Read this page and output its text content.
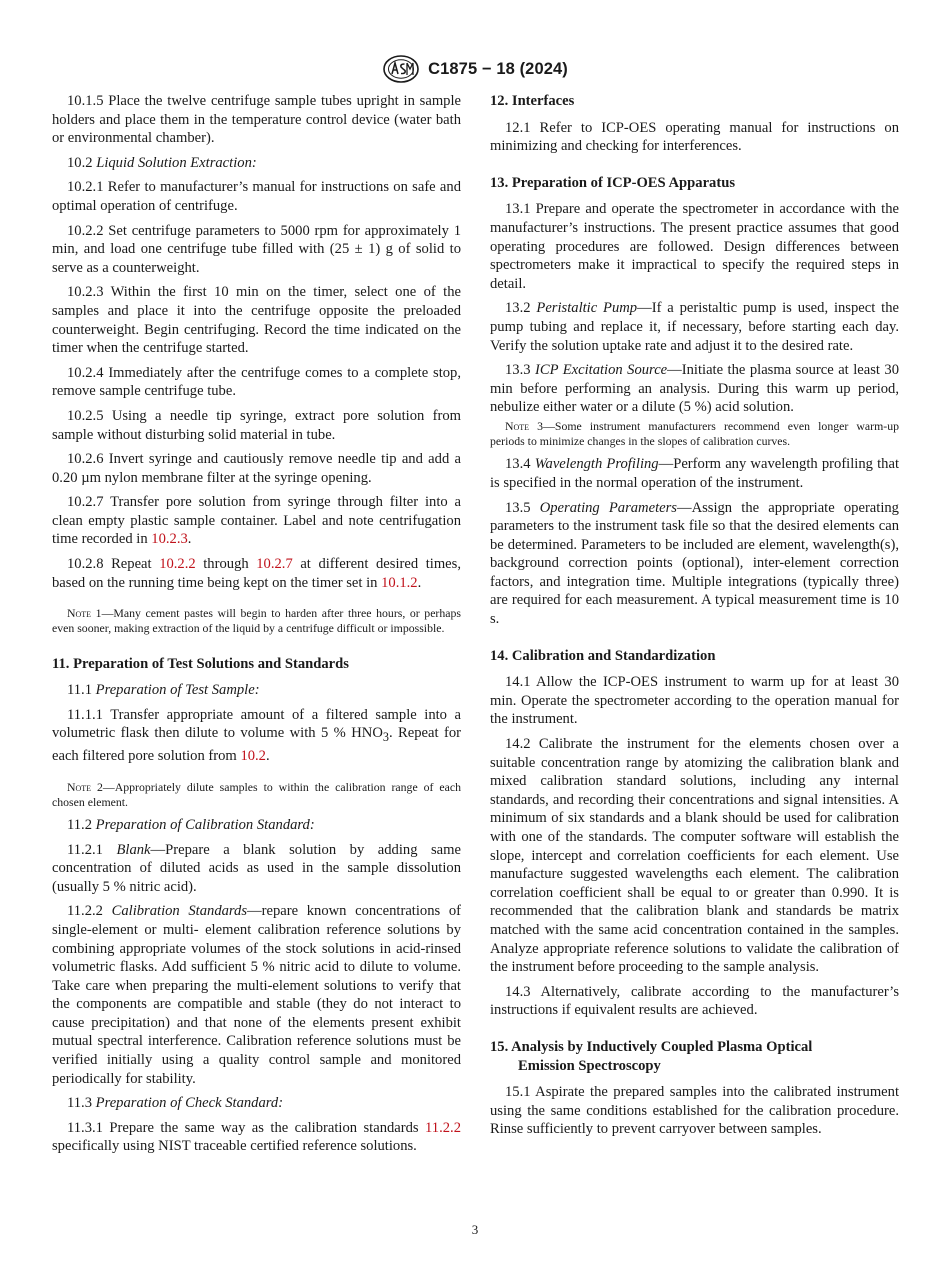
C1875 − 18 (2024)

10.1.5 Place the twelve centrifuge sample tubes upright in sample holders and place them in the temperature control device (water bath or environmental chamber).

10.2 Liquid Solution Extraction:

10.2.1 Refer to manufacturer’s manual for instructions on safe and optimal operation of centrifuge.

10.2.2 Set centrifuge parameters to 5000 rpm for approximately 1 min, and load one centrifuge tube filled with (25 ± 1) g of solid to serve as a counterweight.

10.2.3 Within the first 10 min on the timer, select one of the samples and place it into the centrifuge opposite the preloaded counterweight. Begin centrifuging. Record the time indicated on the timer when the centrifuge started.

10.2.4 Immediately after the centrifuge comes to a complete stop, remove sample centrifuge tube.

10.2.5 Using a needle tip syringe, extract pore solution from sample without disturbing solid material in tube.

10.2.6 Invert syringe and cautiously remove needle tip and add a 0.20 µm nylon membrane filter at the syringe opening.

10.2.7 Transfer pore solution from syringe through filter into a clean empty plastic sample container. Label and note centrifugation time recorded in 10.2.3.

10.2.8 Repeat 10.2.2 through 10.2.7 at different desired times, based on the running time being kept on the timer set in 10.1.2.

Note 1—Many cement pastes will begin to harden after three hours, or perhaps even sooner, making extraction of the liquid by a centrifuge difficult or impossible.

11. Preparation of Test Solutions and Standards

11.1 Preparation of Test Sample:

11.1.1 Transfer appropriate amount of a filtered sample into a volumetric flask then dilute to volume with 5 % $HNO_3$. Repeat for each filtered pore solution from 10.2.

Note 2—Appropriately dilute samples to within the calibration range of each chosen element.

11.2 Preparation of Calibration Standard:

11.2.1 Blank—Prepare a blank solution by adding same concentration of diluted acids as used in the sample dissolution (usually 5 % nitric acid).

11.2.2 Calibration Standards—repare known concentrations of single-element or multi- element calibration reference solutions by combining appropriate volumes of the stock solutions in acid-rinsed volumetric flasks. Add sufficient 5 % nitric acid to dilute to volume. Take care when preparing the multi-element solutions to verify that the components are compatible and stable (they do not interact to cause precipitation) and that none of the elements present exhibit mutual spectral interference. Calibration reference solutions must be verified initially using a quality control sample and monitored periodically for stability.

11.3 Preparation of Check Standard:

11.3.1 Prepare the same way as the calibration standards 11.2.2 specifically using NIST traceable certified reference solutions.

12. Interfaces

12.1 Refer to ICP-OES operating manual for instructions on minimizing and checking for interferences.

13. Preparation of ICP-OES Apparatus

13.1 Prepare and operate the spectrometer in accordance with the manufacturer’s instructions. The present practice assumes that good operating procedures are followed. Design differences between spectrometers make it impractical to specify the required steps in detail.

13.2 Peristaltic Pump—If a peristaltic pump is used, inspect the pump tubing and replace it, if necessary, before starting each day. Verify the solution uptake rate and adjust it to the desired rate.

13.3 ICP Excitation Source—Initiate the plasma source at least 30 min before performing an analysis. During this warm up period, nebulize either water or a dilute (5 %) acid solution.

Note 3—Some instrument manufacturers recommend even longer warm-up periods to minimize changes in the slopes of calibration curves.

13.4 Wavelength Profiling—Perform any wavelength profiling that is specified in the normal operation of the instrument.

13.5 Operating Parameters—Assign the appropriate operating parameters to the instrument task file so that the desired elements can be determined. Parameters to be included are element, wavelength(s), background correction points (optional), inter-element correction factors, and integration time. Multiple integrations (typically three) are required for each measurement. A typical measurement time is 10 s.

14. Calibration and Standardization

14.1 Allow the ICP-OES instrument to warm up for at least 30 min. Operate the spectrometer according to the operation manual for the instrument.

14.2 Calibrate the instrument for the elements chosen over a suitable concentration range by atomizing the calibration blank and mixed calibration standard solutions, including any internal standards, and recording their concentrations and signal intensities. A minimum of six standards and a blank should be used for calibration with one of the standards. The computer software will establish the slope, intercept and correlation coefficients for each element. Use manufacture suggested wavelengths each element. The calibration correlation coefficient shall be equal to or greater than 0.990. It is recommended that the calibration blank and standards be matrix matched with the same acid concentration contained in the samples. Analyze appropriate reference solutions to validate the calibration of the instrument before proceeding to the sample analysis.

14.3 Alternatively, calibrate according to the manufacturer’s instructions if equivalent results are achieved.

15. Analysis by Inductively Coupled Plasma Optical
Emission Spectroscopy

15.1 Aspirate the prepared samples into the calibrated instrument using the same conditions established for the calibration procedure. Rinse sufficiently to prevent carryover between samples.

3
